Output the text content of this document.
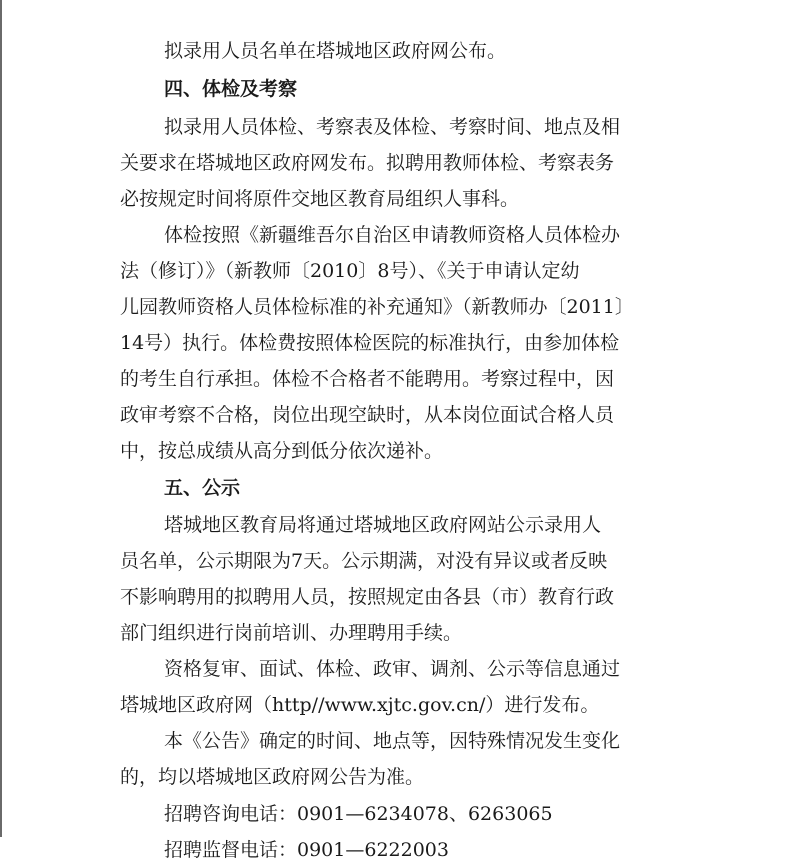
拟录用人员名单在塔城地区政府网公布。
四、体检及考察
拟录用人员体检、考察表及体检、考察时间、地点及相
关要求在塔城地区政府网发布。拟聘用教师体检、考察表务
必按规定时间将原件交地区教育局组织人事科。
体检按照《新疆维吾尔自治区申请教师资格人员体检办
法（修订）》（新教师〔2010〕8号）、《关于申请认定幼
儿园教师资格人员体检标准的补充通知》（新教师办〔2011〕
14号）执行。体检费按照体检医院的标准执行，由参加体检
的考生自行承担。体检不合格者不能聘用。考察过程中，因
政审考察不合格，岗位出现空缺时，从本岗位面试合格人员
中，按总成绩从高分到低分依次递补。
五、公示
塔城地区教育局将通过塔城地区政府网站公示录用人
员名单，公示期限为7天。公示期满，对没有异议或者反映
不影响聘用的拟聘用人员，按照规定由各县（市）教育行政
部门组织进行岗前培训、办理聘用手续。
资格复审、面试、体检、政审、调剂、公示等信息通过
塔城地区政府网（http//www.xjtc.gov.cn/）进行发布。
本《公告》确定的时间、地点等，因特殊情况发生变化
的，均以塔城地区政府网公告为准。
招聘咨询电话：0901—6234078、6263065
招聘监督电话：0901—6222003
